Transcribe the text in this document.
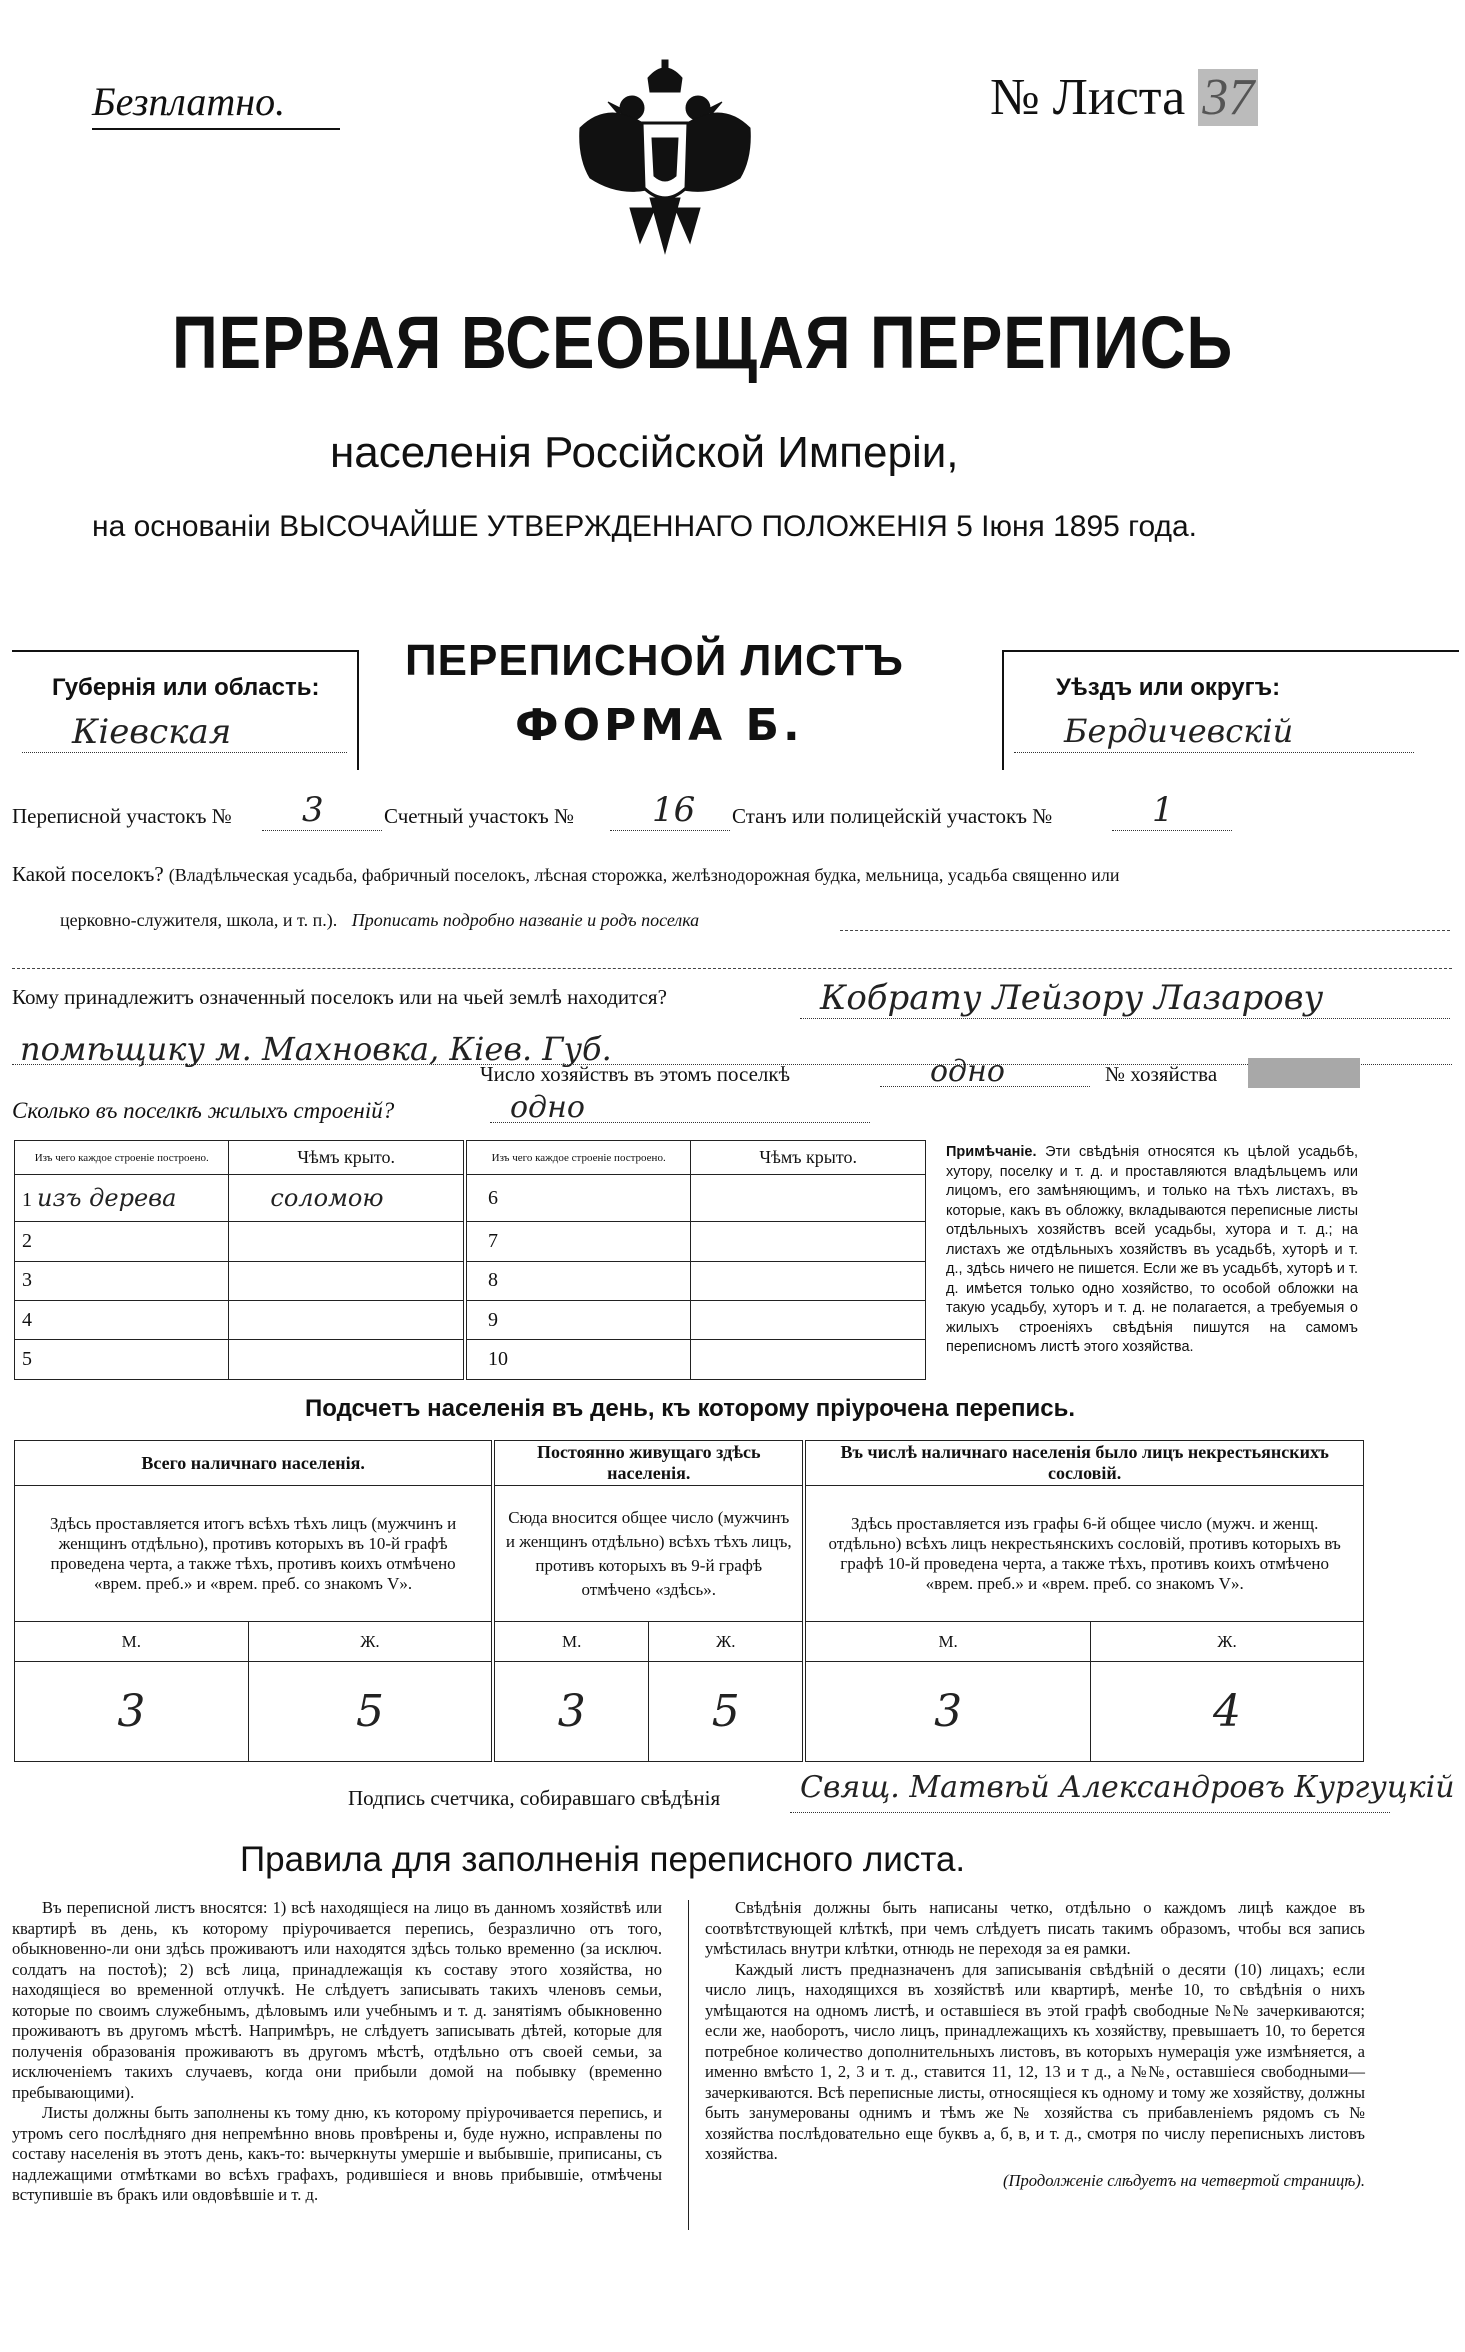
Безплатно.	№ Листа 37
ПЕРВАЯ ВСЕОБЩАЯ ПЕРЕПИСЬ
населенія Россійской Имперіи,
на основаніи ВЫСОЧАЙШЕ УТВЕРЖДЕННАГО ПОЛОЖЕНІЯ 5 Іюня 1895 года.
Губернія или область:
Кіевская
ПЕРЕПИСНОЙ ЛИСТЪ
ФОРМА Б.
Уѣздъ или округъ:
Бердичевскій
Переписной участокъ № 3	Счетный участокъ № 16 Станъ или полицейскій участокъ №	1
Какой поселокъ? (Владѣльческая усадьба, фабричный поселокъ, лѣсная сторожка, желѣзнодорожная будка, мельница, усадьба священно или
церковно-служителя, школа, и т. п.). Прописать подробно названіе и родъ поселка
Кому принадлежитъ означенный поселокъ или на чьей землѣ находится?	Кобрату Лейзору Лазарову
помѣщику м. Махновка, Кіев. Губ.
Число хозяйствъ въ этомъ поселкѣ	одно	№ хозяйства
Сколько въ поселкѣ жилыхъ строеній?	одно
Изъ чего каждое строеніе построено.	Чѣмъ крыто.	Изъ чего каждое строеніе построено.	Чѣмъ крыто.
1 изъ дерева	соломою	6	
2		7	
3		8	
4		9	
5		10	
Примѣчаніе. Эти свѣдѣнія относятся къ цѣлой усадьбѣ, хутору, поселку и т. д. и проставляются владѣльцемъ или лицомъ, его замѣняющимъ, и только на тѣхъ листахъ, въ которые, какъ въ обложку, вкладываются переписные листы отдѣльныхъ хозяйствъ всей усадьбы, хутора и т. д.; на листахъ же отдѣльныхъ хозяйствъ въ усадьбѣ, хуторѣ и т. д., здѣсь ничего не пишется. Если же въ усадьбѣ, хуторѣ и т. д. имѣется только одно хозяйство, то особой обложки на такую усадьбу, хуторъ и т. д. не полагается, а требуемыя о жилыхъ строеніяхъ свѣдѣнія пишутся на самомъ переписномъ листѣ этого хозяйства.
Подсчетъ населенія въ день, къ которому пріурочена перепись.
Всего наличнаго населенія.		Постоянно живущаго здѣсь населенія.		Въ числѣ наличнаго населенія было лицъ некрестьянскихъ сословій.	
Здѣсь проставляется итогъ всѣхъ тѣхъ лицъ (мужчинъ и женщинъ отдѣльно), противъ которыхъ въ 10-й графѣ проведена черта, а также тѣхъ, противъ коихъ отмѣчено «врем. преб.» и «врем. преб. со знакомъ V».		Сюда вносится общее число (мужчинъ и женщинъ отдѣльно) всѣхъ тѣхъ лицъ, противъ которыхъ въ 9-й графѣ отмѣчено «здѣсь».		Здѣсь проставляется изъ графы 6-й общее число (мужч. и женщ. отдѣльно) всѣхъ лицъ некрестьянскихъ сословій, противъ которыхъ въ графѣ 10-й проведена черта, а также тѣхъ, противъ коихъ отмѣчено «врем. преб.» и «врем. преб. со знакомъ V».	
М.	Ж.	М.	Ж.	М.	Ж.
3	5	3	5	3	4
Подпись счетчика, собиравшаго свѣдѣнія	Свящ. Матвѣй Александровъ Кургуцкій
Правила для заполненія переписного листа.

Въ переписной листъ вносятся: 1) всѣ находящіеся на лицо въ данномъ хозяйствѣ или квартирѣ въ день, къ которому пріурочивается перепись, безразлично отъ того, обыкновенно-ли они здѣсь проживаютъ или находятся здѣсь только временно (за исключ. солдатъ на постоѣ); 2) всѣ лица, принадлежащія къ составу этого хозяйства, но находящіеся во временной отлучкѣ. Не слѣдуетъ записывать такихъ членовъ семьи, которые по своимъ служебнымъ, дѣловымъ или учебнымъ и т. д. занятіямъ обыкновенно проживаютъ въ другомъ мѣстѣ. Напримѣръ, не слѣдуетъ записывать дѣтей, которые для полученія образованія проживаютъ въ другомъ мѣстѣ, отдѣльно отъ своей семьи, за исключеніемъ такихъ случаевъ, когда они прибыли домой на побывку (временно пребывающими).

Листы должны быть заполнены къ тому дню, къ которому пріурочивается перепись, и утромъ сего послѣдняго дня непремѣнно вновь провѣрены и, буде нужно, исправлены по составу населенія въ этотъ день, какъ-то: вычеркнуты умершіе и выбывшіе, приписаны, съ надлежащими отмѣтками во всѣхъ графахъ, родившіеся и вновь прибывшіе, отмѣчены вступившіе въ бракъ или овдовѣвшіе и т. д.

Свѣдѣнія должны быть написаны четко, отдѣльно о каждомъ лицѣ каждое въ соотвѣтствующей клѣткѣ, при чемъ слѣдуетъ писать такимъ образомъ, чтобы вся запись умѣстилась внутри клѣтки, отнюдь не переходя за ея рамки.

Каждый листъ предназначенъ для записыванія свѣдѣній о десяти (10) лицахъ; если число лицъ, находящихся въ хозяйствѣ или квартирѣ, менѣе 10, то свѣдѣнія о нихъ умѣщаются на одномъ листѣ, и оставшіеся въ этой графѣ свободные №№ зачеркиваются; если же, наоборотъ, число лицъ, принадлежащихъ къ хозяйству, превышаетъ 10, то берется потребное количество дополнительныхъ листовъ, въ которыхъ нумерація уже измѣняется, а именно вмѣсто 1, 2, 3 и т. д., ставится 11, 12, 13 и т д., а №№, оставшіеся свободными—зачеркиваются. Всѣ переписные листы, относящіеся къ одному и тому же хозяйству, должны быть занумерованы однимъ и тѣмъ же № хозяйства съ прибавленіемъ рядомъ съ № хозяйства послѣдовательно еще буквъ а, б, в, и т. д., смотря по числу переписныхъ листовъ хозяйства.

(Продолженіе слѣдуетъ на четвертой страницѣ).
